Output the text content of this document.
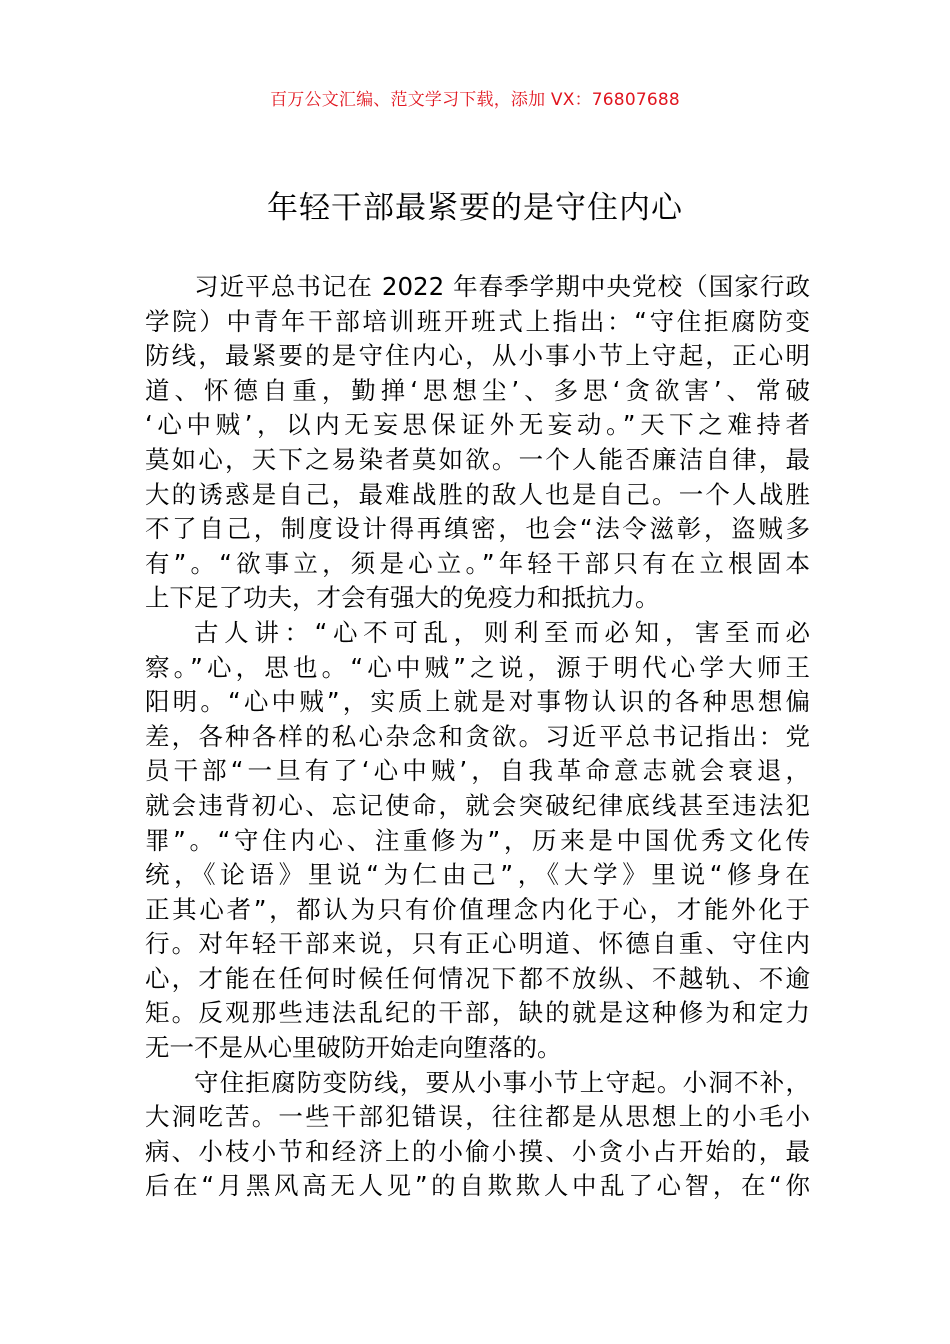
百万公文汇编、范文学习下载，添加 VX：76807688
年轻干部最紧要的是守住内心
习近平总书记在 2022 年春季学期中央党校（国家行政
学院）中青年干部培训班开班式上指出：“守住拒腐防变
防线，最紧要的是守住内心，从小事小节上守起，正心明
道、怀德自重，勤掸‘思想尘’、多思‘贪欲害’、常破
‘心中贼’，以内无妄思保证外无妄动。”天下之难持者
莫如心，天下之易染者莫如欲。一个人能否廉洁自律，最
大的诱惑是自己，最难战胜的敌人也是自己。一个人战胜
不了自己，制度设计得再缜密，也会“法令滋彰，盗贼多
有”。“欲事立，须是心立。”年轻干部只有在立根固本
上下足了功夫，才会有强大的免疫力和抵抗力。
古人讲：“心不可乱，则利至而必知，害至而必
察。”心，思也。“心中贼”之说，源于明代心学大师王
阳明。“心中贼”，实质上就是对事物认识的各种思想偏
差，各种各样的私心杂念和贪欲。习近平总书记指出：党
员干部“一旦有了‘心中贼’，自我革命意志就会衰退，
就会违背初心、忘记使命，就会突破纪律底线甚至违法犯
罪”。“守住内心、注重修为”，历来是中国优秀文化传
统，《论语》里说“为仁由己”，《大学》里说“修身在
正其心者”，都认为只有价值理念内化于心，才能外化于
行。对年轻干部来说，只有正心明道、怀德自重、守住内
心，才能在任何时候任何情况下都不放纵、不越轨、不逾
矩。反观那些违法乱纪的干部，缺的就是这种修为和定力
无一不是从心里破防开始走向堕落的。
守住拒腐防变防线，要从小事小节上守起。小洞不补，
大洞吃苦。一些干部犯错误，往往都是从思想上的小毛小
病、小枝小节和经济上的小偷小摸、小贪小占开始的，最
后在“月黑风高无人见”的自欺欺人中乱了心智，在“你
